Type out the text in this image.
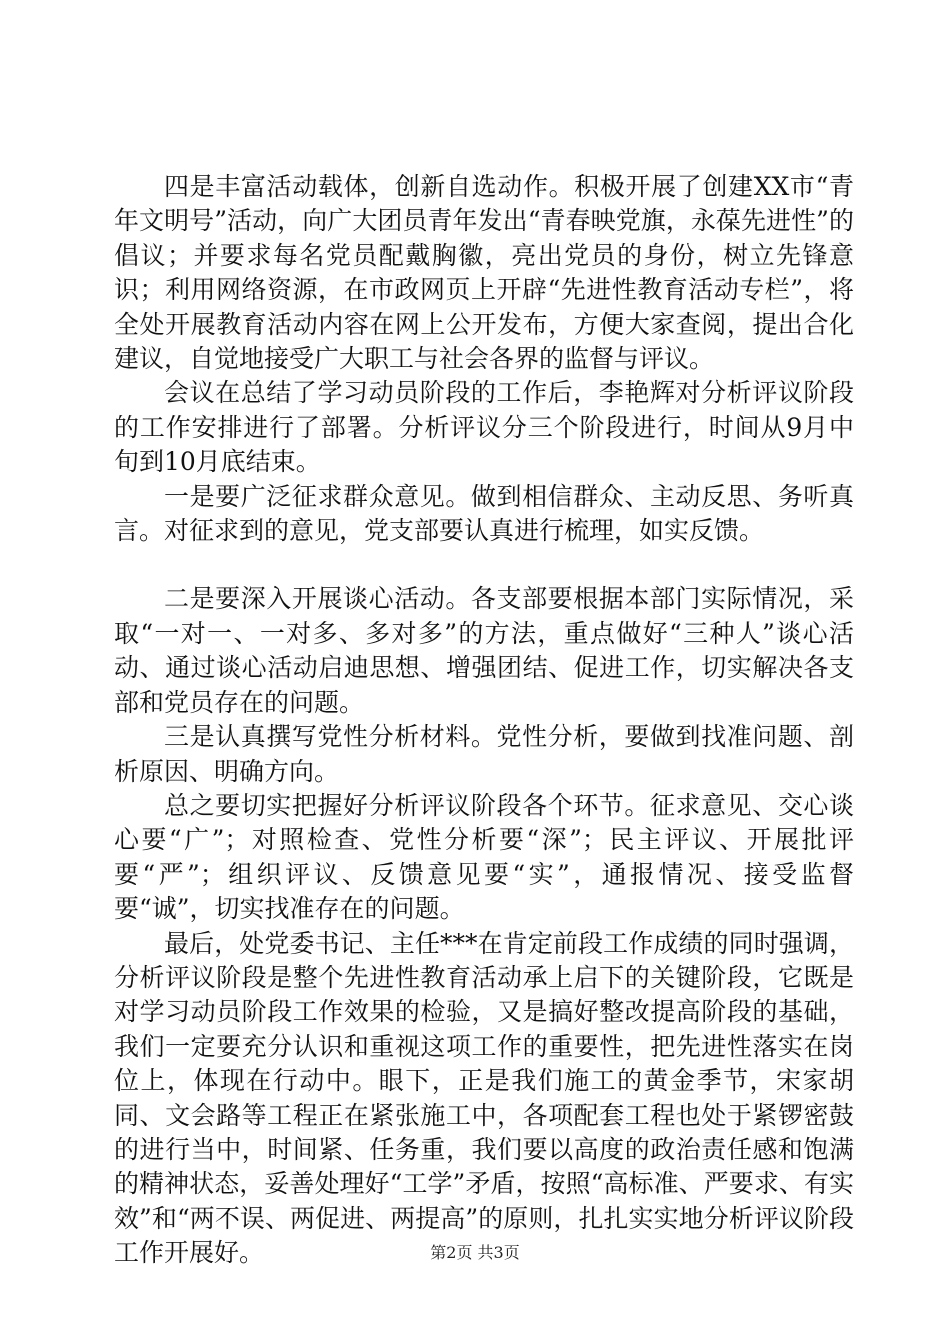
四是丰富活动载体，创新自选动作。积极开展了创建XX市“青年文明号”活动，向广大团员青年发出“青春映党旗，永葆先进性”的倡议；并要求每名党员配戴胸徽，亮出党员的身份，树立先锋意识；利用网络资源，在市政网页上开辟“先进性教育活动专栏”，将全处开展教育活动内容在网上公开发布，方便大家查阅，提出合化建议，自觉地接受广大职工与社会各界的监督与评议。

会议在总结了学习动员阶段的工作后，李艳辉对分析评议阶段的工作安排进行了部署。分析评议分三个阶段进行，时间从9月中旬到10月底结束。

一是要广泛征求群众意见。做到相信群众、主动反思、务听真言。对征求到的意见，党支部要认真进行梳理，如实反馈。

二是要深入开展谈心活动。各支部要根据本部门实际情况，采取“一对一、一对多、多对多”的方法，重点做好“三种人”谈心活动、通过谈心活动启迪思想、增强团结、促进工作，切实解决各支部和党员存在的问题。

三是认真撰写党性分析材料。党性分析，要做到找准问题、剖析原因、明确方向。

总之要切实把握好分析评议阶段各个环节。征求意见、交心谈心要“广”；对照检查、党性分析要“深”；民主评议、开展批评要“严”；组织评议、反馈意见要“实”，通报情况、接受监督要“诚”，切实找准存在的问题。

最后，处党委书记、主任***在肯定前段工作成绩的同时强调，分析评议阶段是整个先进性教育活动承上启下的关键阶段，它既是对学习动员阶段工作效果的检验，又是搞好整改提高阶段的基础，我们一定要充分认识和重视这项工作的重要性，把先进性落实在岗位上，体现在行动中。眼下，正是我们施工的黄金季节，宋家胡同、文会路等工程正在紧张施工中，各项配套工程也处于紧锣密鼓的进行当中，时间紧、任务重，我们要以高度的政治责任感和饱满的精神状态，妥善处理好“工学”矛盾，按照“高标准、严要求、有实效”和“两不误、两促进、两提高”的原则，扎扎实实地分析评议阶段工作开展好。	第2页 共3页
